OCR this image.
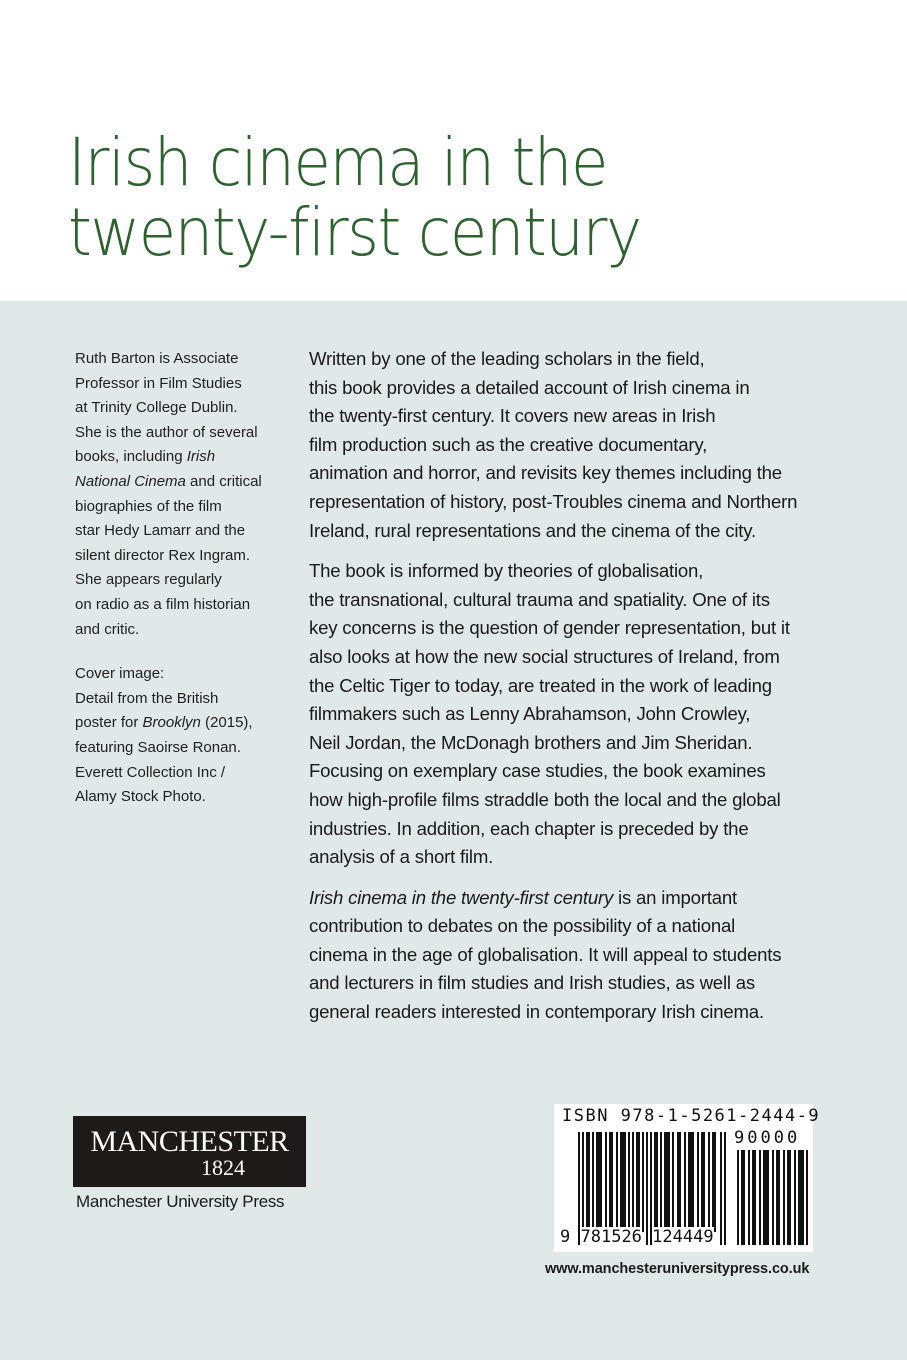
Irish cinema in the
twenty-first century
Ruth Barton is Associate
Professor in Film Studies
at Trinity College Dublin.
She is the author of several
books, including Irish
National Cinema and critical
biographies of the film
star Hedy Lamarr and the
silent director Rex Ingram.
She appears regularly
on radio as a film historian
and critic.
Cover image:
Detail from the British
poster for Brooklyn (2015),
featuring Saoirse Ronan.
Everett Collection Inc /
Alamy Stock Photo.
Written by one of the leading scholars in the field,
this book provides a detailed account of Irish cinema in
the twenty-first century. It covers new areas in Irish
film production such as the creative documentary,
animation and horror, and revisits key themes including the
representation of history, post-Troubles cinema and Northern
Ireland, rural representations and the cinema of the city.
The book is informed by theories of globalisation,
the transnational, cultural trauma and spatiality. One of its
key concerns is the question of gender representation, but it
also looks at how the new social structures of Ireland, from
the Celtic Tiger to today, are treated in the work of leading
filmmakers such as Lenny Abrahamson, John Crowley,
Neil Jordan, the McDonagh brothers and Jim Sheridan.
Focusing on exemplary case studies, the book examines
how high-profile films straddle both the local and the global
industries. In addition, each chapter is preceded by the
analysis of a short film.
Irish cinema in the twenty-first century is an important
contribution to debates on the possibility of a national
cinema in the age of globalisation. It will appeal to students
and lecturers in film studies and Irish studies, as well as
general readers interested in contemporary Irish cinema.
MANCHESTER
1824
Manchester University Press
ISBN 978-1-5261-2444-9
90000
9 781526 124449
www.manchesteruniversitypress.co.uk
